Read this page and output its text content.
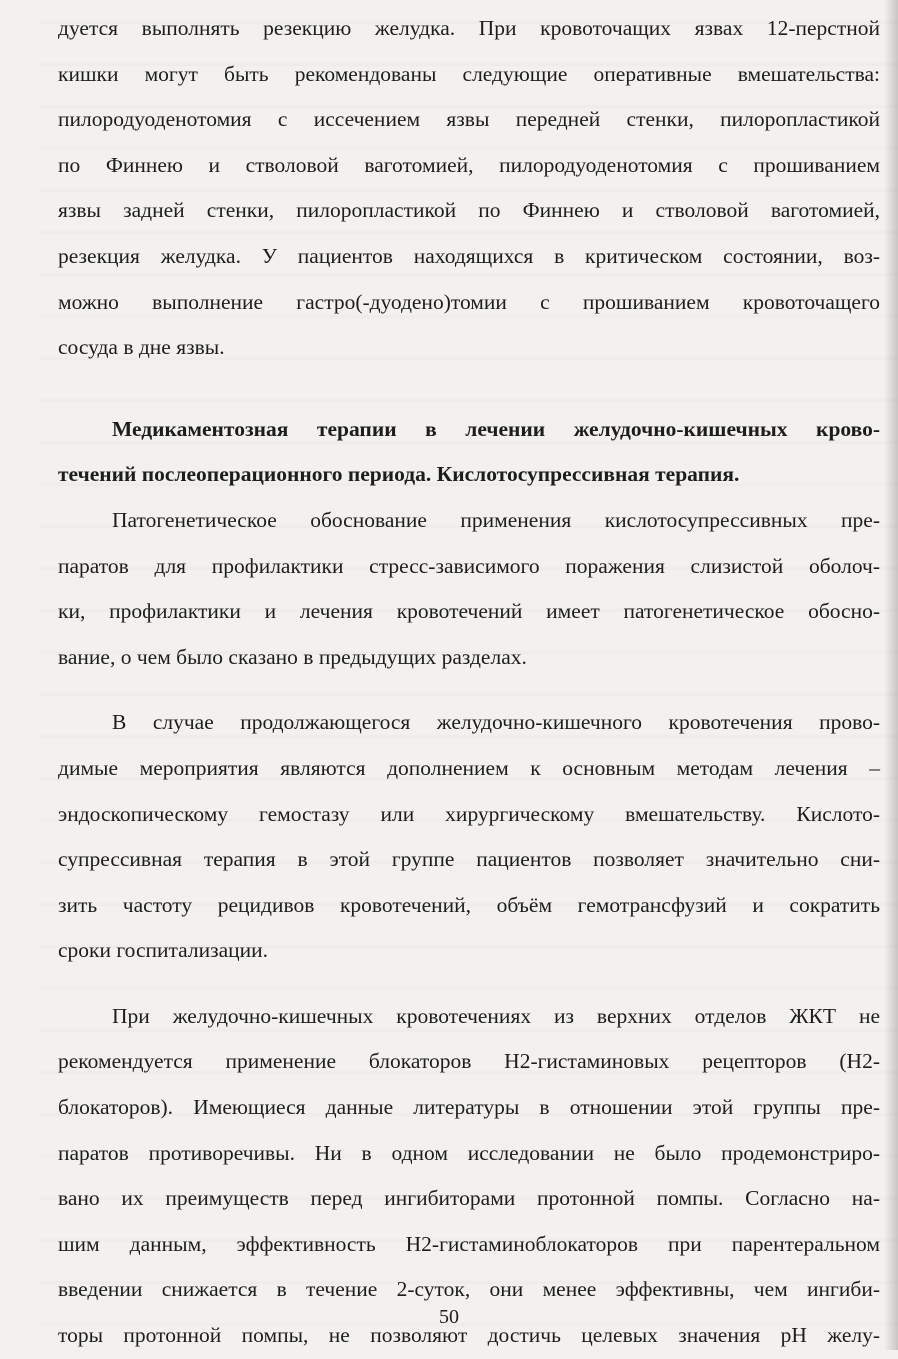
дуется выполнять резекцию желудка. При кровоточащих язвах 12-перстной
кишки могут быть рекомендованы следующие оперативные вмешательства:
пилородуоденотомия с иссечением язвы передней стенки, пилоропластикой
по Финнею и стволовой ваготомией, пилородуоденотомия с прошиванием
язвы задней стенки, пилоропластикой по Финнею и стволовой ваготомией,
резекция желудка. У пациентов находящихся в критическом состоянии, воз-
можно выполнение гастро(-дуодено)томии с прошиванием кровоточащего
сосуда в дне язвы.
Медикаментозная терапии в лечении желудочно-кишечных крово-
течений послеоперационного периода. Кислотосупрессивная терапия.
Патогенетическое обоснование применения кислотосупрессивных пре-
паратов для профилактики стресс-зависимого поражения слизистой оболоч-
ки, профилактики и лечения кровотечений имеет патогенетическое обосно-
вание, о чем было сказано в предыдущих разделах.
В случае продолжающегося желудочно-кишечного кровотечения прово-
димые мероприятия являются дополнением к основным методам лечения –
эндоскопическому гемостазу или хирургическому вмешательству. Кислото-
супрессивная терапия в этой группе пациентов позволяет значительно сни-
зить частоту рецидивов кровотечений, объём гемотрансфузий и сократить
сроки госпитализации.
При желудочно-кишечных кровотечениях из верхних отделов ЖКТ не
рекомендуется применение блокаторов Н2-гистаминовых рецепторов (Н2-
блокаторов). Имеющиеся данные литературы в отношении этой группы пре-
паратов противоречивы. Ни в одном исследовании не было продемонстриро-
вано их преимуществ перед ингибиторами протонной помпы. Согласно на-
шим данным, эффективность Н2-гистаминоблокаторов при парентеральном
введении снижается в течение 2-суток, они менее эффективны, чем ингиби-
торы протонной помпы, не позволяют достичь целевых значения рН желу-
50
